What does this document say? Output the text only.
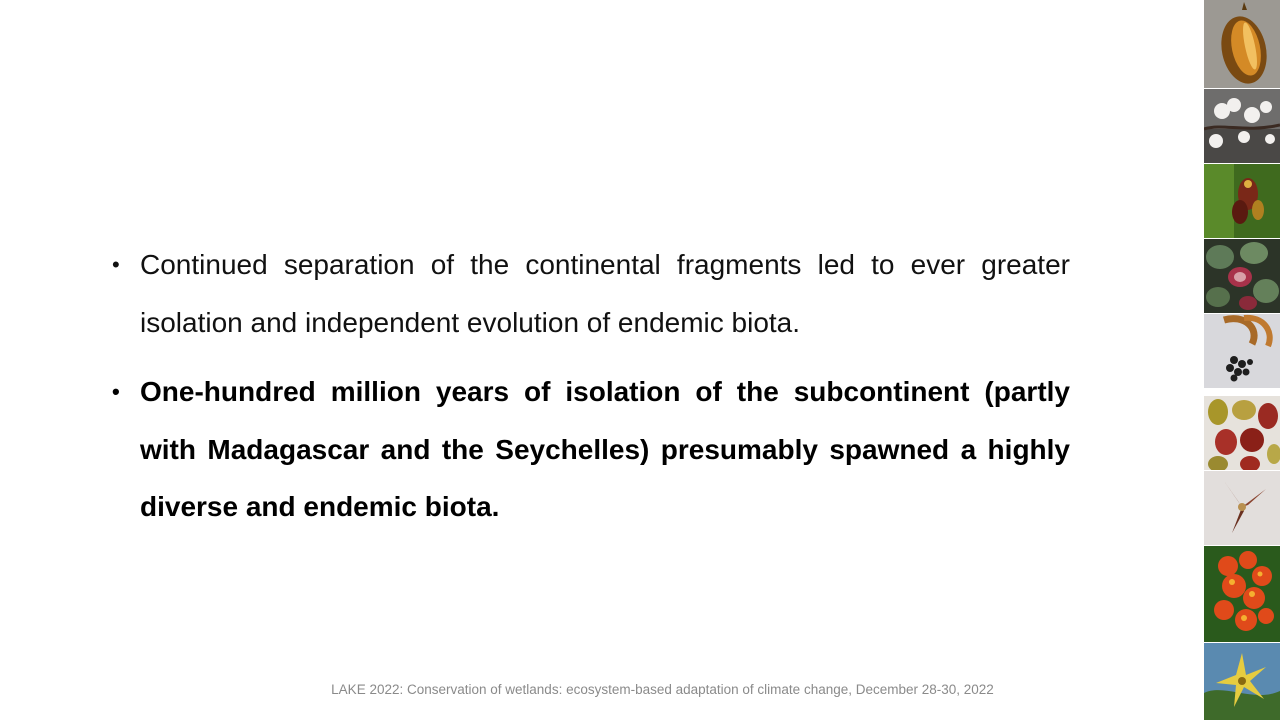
• Continued separation of the continental fragments led to ever greater isolation and independent evolution of endemic biota.
• One-hundred million years of isolation of the subcontinent (partly with Madagascar and the Seychelles) presumably spawned a highly diverse and endemic biota.
LAKE 2022: Conservation of wetlands: ecosystem-based adaptation of climate change, December 28-30, 2022
